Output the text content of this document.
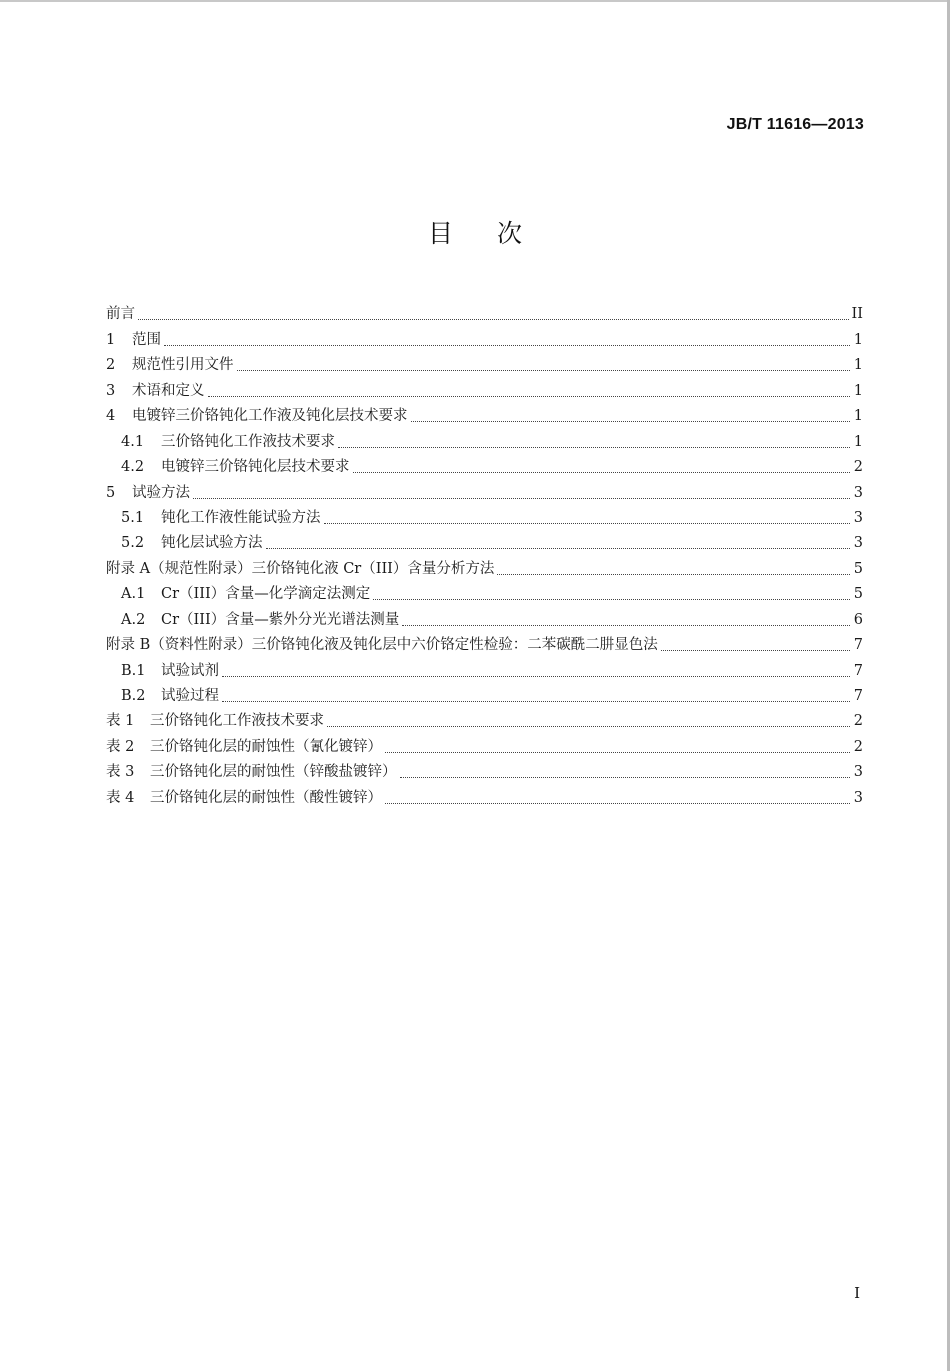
JB/T 11616—2013
目 次
前言	II
1	范围	1
2	规范性引用文件	1
3	术语和定义	1
4	电镀锌三价铬钝化工作液及钝化层技术要求	1
4.1	三价铬钝化工作液技术要求	1
4.2	电镀锌三价铬钝化层技术要求	2
5	试验方法	3
5.1	钝化工作液性能试验方法	3
5.2	钝化层试验方法	3
附录 A（规范性附录）三价铬钝化液 Cr（III）含量分析方法	5
A.1	Cr（III）含量—化学滴定法测定	5
A.2	Cr（III）含量—紫外分光光谱法测量	6
附录 B（资料性附录）三价铬钝化液及钝化层中六价铬定性检验：二苯碳酰二肼显色法	7
B.1	试验试剂	7
B.2	试验过程	7
表 1	三价铬钝化工作液技术要求	2
表 2	三价铬钝化层的耐蚀性（氰化镀锌）	2
表 3	三价铬钝化层的耐蚀性（锌酸盐镀锌）	3
表 4	三价铬钝化层的耐蚀性（酸性镀锌）	3
I
